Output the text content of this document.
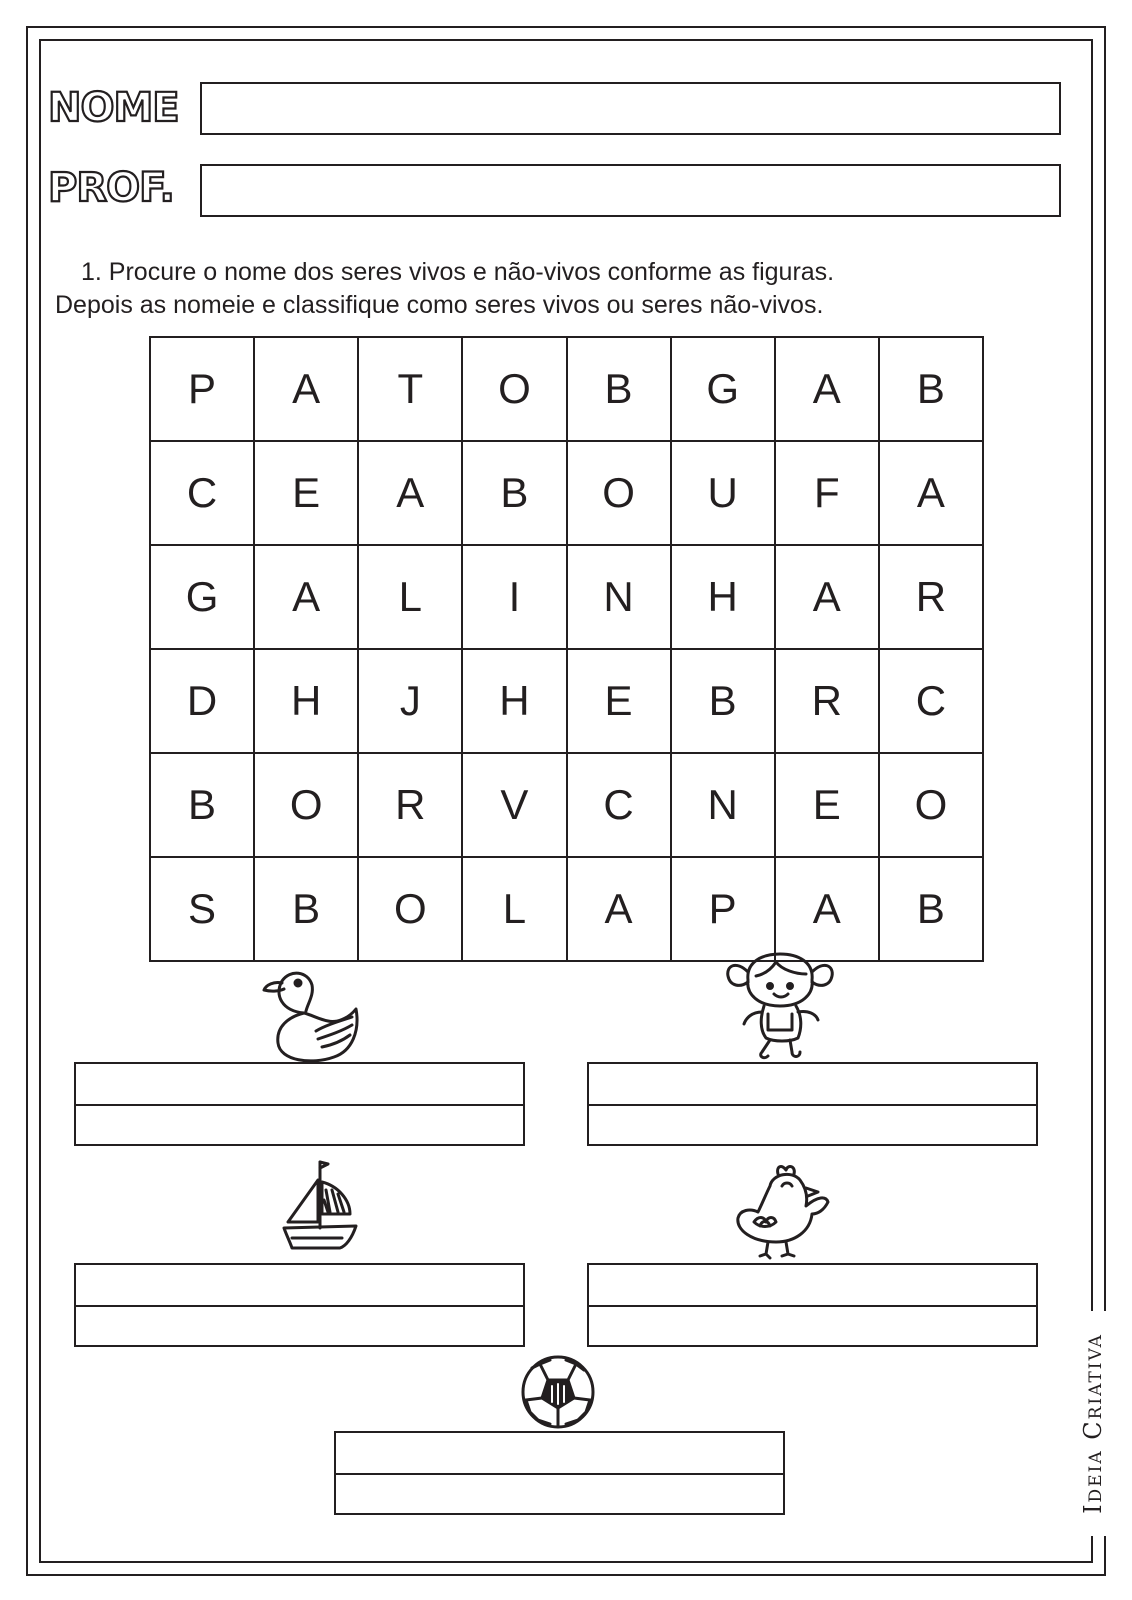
NOME
PROF.
1. Procure o nome dos seres vivos e não-vivos conforme as figuras.
Depois as nomeie e classifique como seres vivos ou seres não-vivos.
P	A	T	O	B	G	A	B
C	E	A	B	O	U	F	A
G	A	L	I	N	H	A	R
D	H	J	H	E	B	R	C
B	O	R	V	C	N	E	O
S	B	O	L	A	P	A	B
Ideia Criativa
